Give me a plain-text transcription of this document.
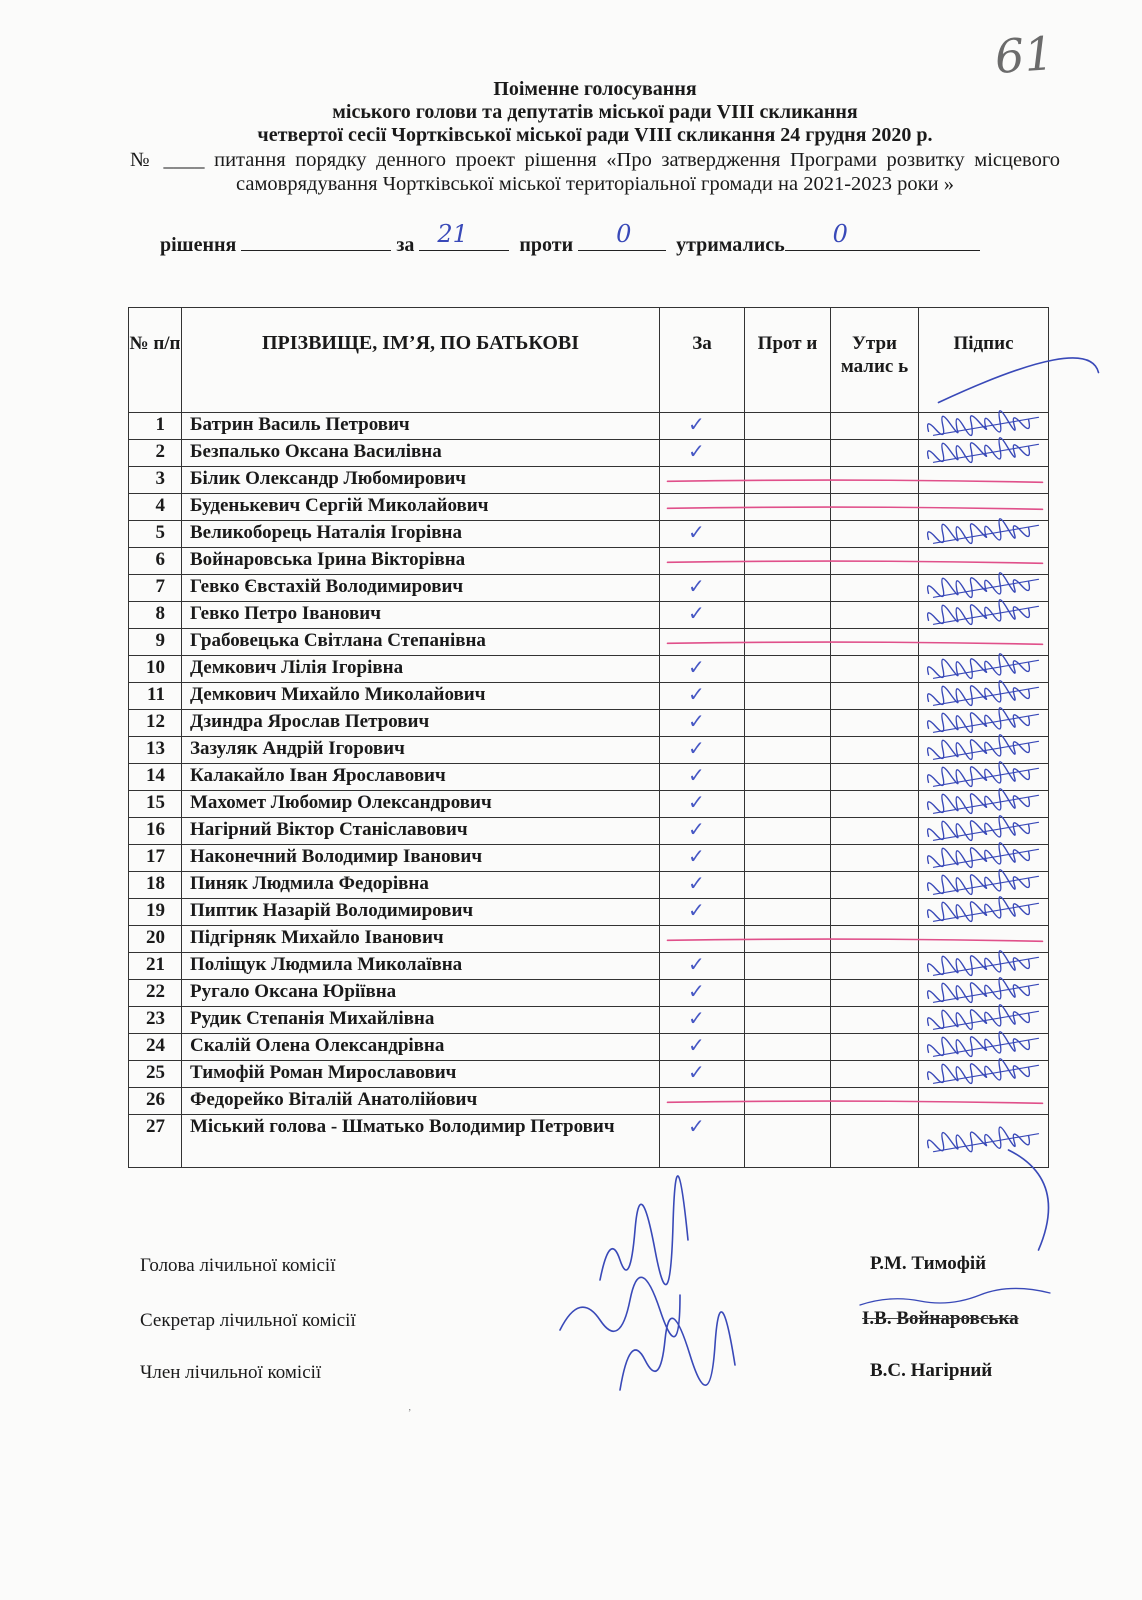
61
Поіменне голосування
міського голови та депутатів міської ради VIII скликання
четвертої сесії Чортківської міської ради VIII скликання 24 грудня 2020 р.
№ ____ питання порядку денного проект рішення «Про затвердження Програми розвитку місцевого самоврядування Чортківської міської територіальної громади на 2021-2023 роки »
рішення	за 21	проти 0 утримались 0
№ п/п	ПРІЗВИЩЕ, ІМ’Я, ПО БАТЬКОВІ	За	Прот и	Утри малис ь	Підпис
1	Батрин Василь Петрович	✓			
2	Безпалько Оксана Василівна	✓			
3	Білик Олександр Любомирович				
4	Буденькевич Сергій Миколайович				
5	Великоборець Наталія Ігорівна	✓			
6	Войнаровська Ірина Вікторівна				
7	Гевко Євстахій Володимирович	✓			
8	Гевко Петро Іванович	✓			
9	Грабовецька Світлана Степанівна				
10	Демкович Лілія Ігорівна	✓			
11	Демкович Михайло Миколайович	✓			
12	Дзиндра Ярослав Петрович	✓			
13	Зазуляк Андрій Ігорович	✓			
14	Калакайло Іван Ярославович	✓			
15	Махомет Любомир Олександрович	✓			
16	Нагірний Віктор Станіславович	✓			
17	Наконечний Володимир Іванович	✓			
18	Пиняк Людмила Федорівна	✓			
19	Пиптик Назарій Володимирович	✓			
20	Підгірняк Михайло Іванович				
21	Поліщук Людмила Миколаївна	✓			
22	Ругало Оксана Юріївна	✓			
23	Рудик Степанія Михайлівна	✓			
24	Скалій Олена Олександрівна	✓			
25	Тимофій Роман Мирославович	✓			
26	Федорейко Віталій Анатолійович				
27	Міський голова - Шматько Володимир Петрович	✓			
Голова лічильної комісії	Р.М. Тимофій
Секретар лічильної комісії	І.В. Войнаровська
Член лічильної комісії	В.С. Нагірний
’
